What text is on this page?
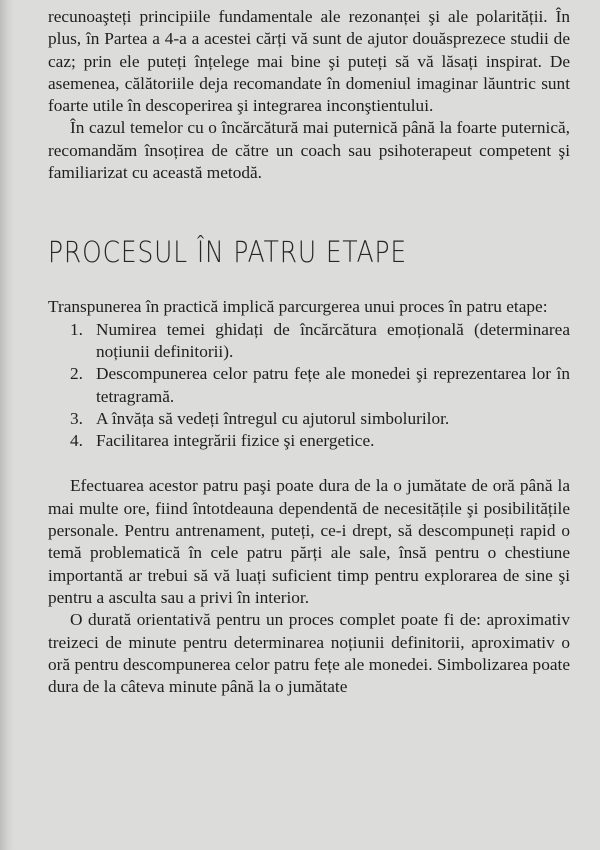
recunoaşteți principiile fundamentale ale rezonanței şi ale polarității. În plus, în Partea a 4-a a acestei cărți vă sunt de ajutor douăsprezece studii de caz; prin ele puteți înțelege mai bine şi puteți să vă lăsați inspirat. De asemenea, călătoriile deja recomandate în domeniul imaginar lăuntric sunt foarte utile în descoperirea şi integrarea inconştientului.

În cazul temelor cu o încărcătură mai puternică până la foarte puternică, recomandăm însoțirea de către un coach sau psihoterapeut competent şi familiarizat cu această metodă.

PROCESUL ÎN PATRU ETAPE

Transpunerea în practică implică parcurgerea unui proces în patru etape:

1. Numirea temei ghidați de încărcătura emoțională (determinarea noțiunii definitorii).
2. Descompunerea celor patru fețe ale monedei şi reprezentarea lor în tetragramă.
3. A învăța să vedeți întregul cu ajutorul simbolurilor.
4. Facilitarea integrării fizice şi energetice.

Efectuarea acestor patru paşi poate dura de la o jumătate de oră până la mai multe ore, fiind întotdeauna dependentă de necesitățile şi posibilitățile personale. Pentru antrenament, puteți, ce-i drept, să descompuneți rapid o temă problematică în cele patru părți ale sale, însă pentru o chestiune importantă ar trebui să vă luați suficient timp pentru explorarea de sine şi pentru a asculta sau a privi în interior.

O durată orientativă pentru un proces complet poate fi de: aproximativ treizeci de minute pentru determinarea noțiunii definitorii, aproximativ o oră pentru descompunerea celor patru fețe ale monedei. Simbolizarea poate dura de la câteva minute până la o jumătate
